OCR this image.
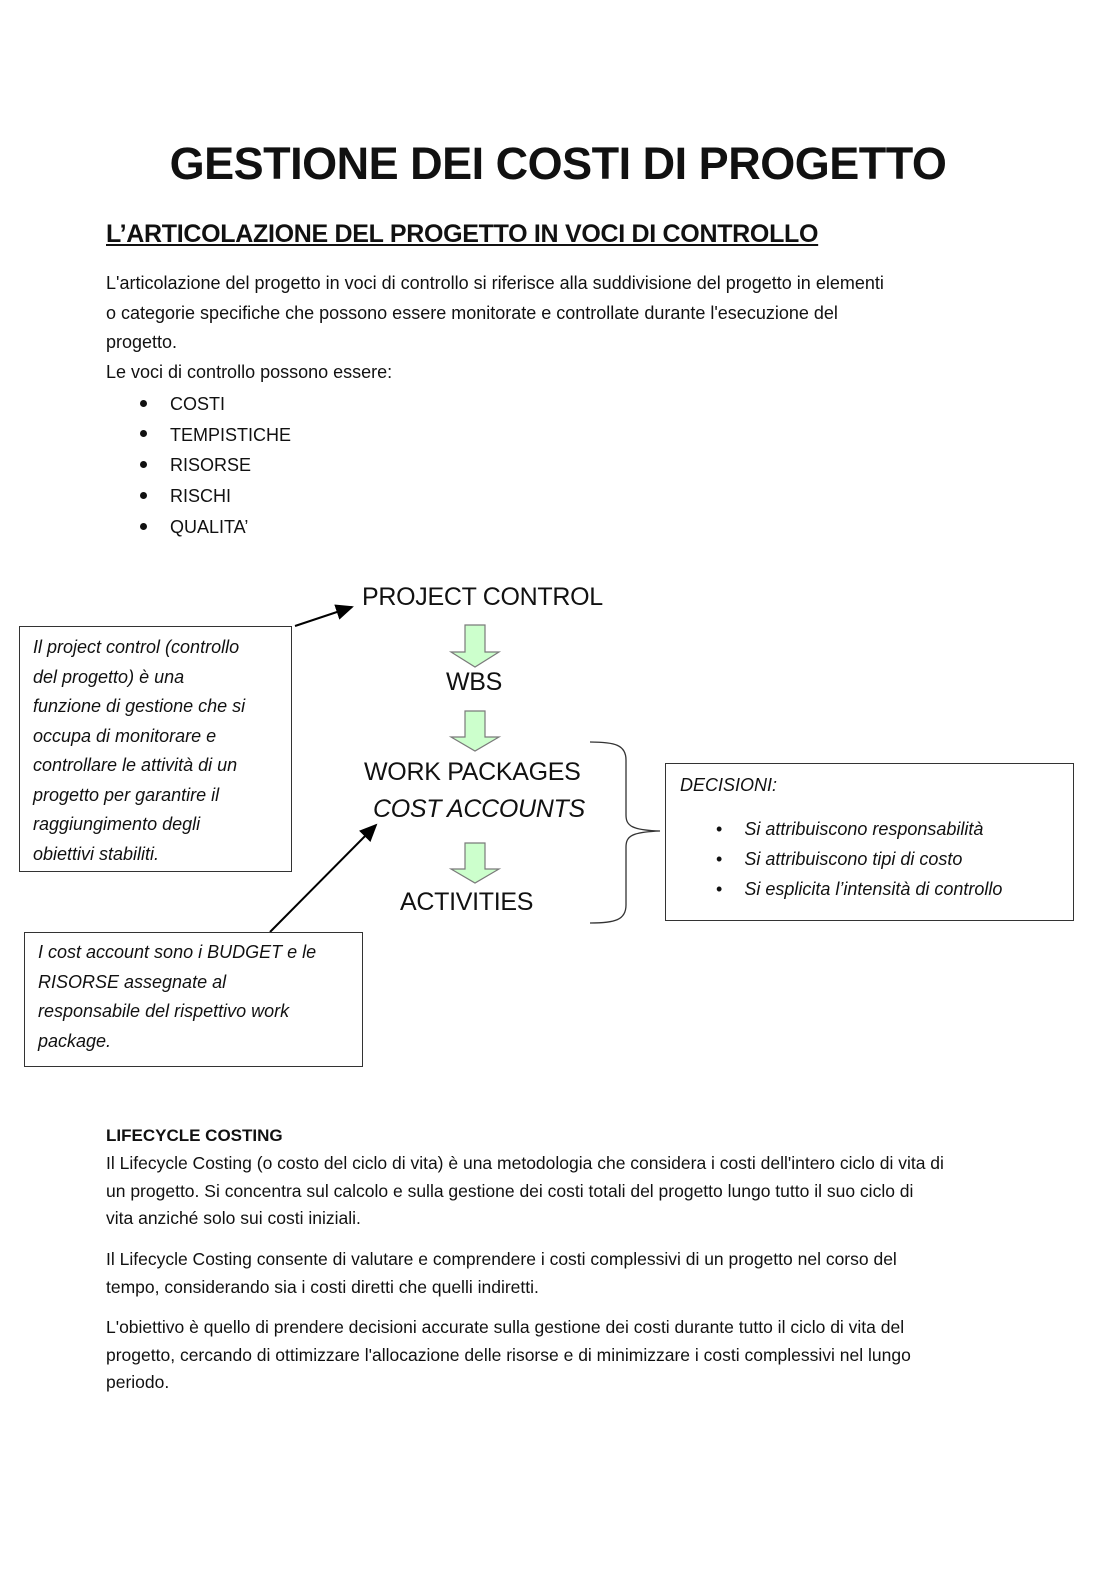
GESTIONE DEI COSTI DI PROGETTO
L’ARTICOLAZIONE DEL PROGETTO IN VOCI DI CONTROLLO
L'articolazione del progetto in voci di controllo si riferisce alla suddivisione del progetto in elementi
o categorie specifiche che possono essere monitorate e controllate durante l'esecuzione del
progetto.
Le voci di controllo possono essere:
COSTI
TEMPISTICHE
RISORSE
RISCHI
QUALITA’
PROJECT CONTROL
WBS
WORK PACKAGES
COST ACCOUNTS
ACTIVITIES
Il project control (controllo
del progetto) è una
funzione di gestione che si
occupa di monitorare e
controllare le attività di un
progetto per garantire il
raggiungimento degli
obiettivi stabiliti.
I cost account sono i BUDGET e le
RISORSE assegnate al
responsabile del rispettivo work
package.
DECISIONI:
• Si attribuiscono responsabilità
• Si attribuiscono tipi di costo
• Si esplicita l’intensità di controllo
LIFECYCLE COSTING
Il Lifecycle Costing (o costo del ciclo di vita) è una metodologia che considera i costi dell'intero ciclo di vita di
un progetto. Si concentra sul calcolo e sulla gestione dei costi totali del progetto lungo tutto il suo ciclo di
vita anziché solo sui costi iniziali.
Il Lifecycle Costing consente di valutare e comprendere i costi complessivi di un progetto nel corso del
tempo, considerando sia i costi diretti che quelli indiretti.
L'obiettivo è quello di prendere decisioni accurate sulla gestione dei costi durante tutto il ciclo di vita del
progetto, cercando di ottimizzare l'allocazione delle risorse e di minimizzare i costi complessivi nel lungo
periodo.
